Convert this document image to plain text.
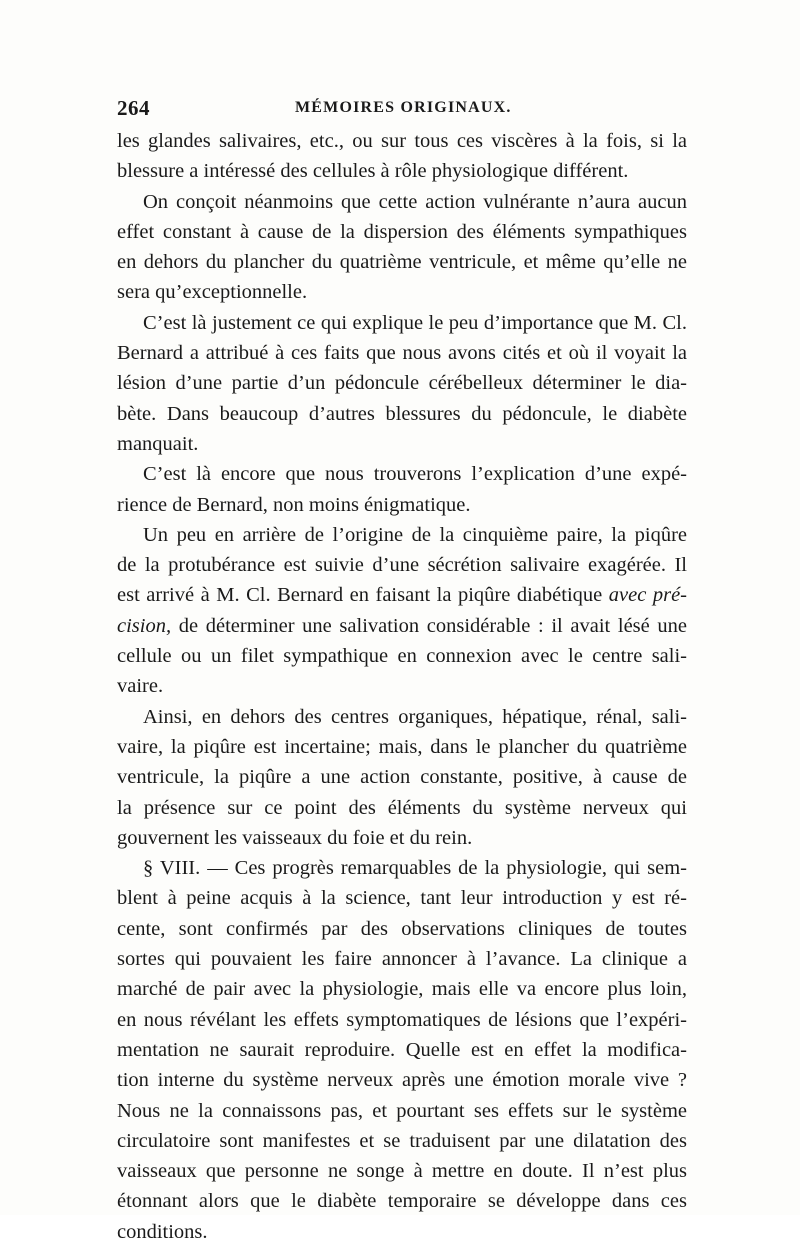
264	MÉMOIRES ORIGINAUX.
les glandes salivaires, etc., ou sur tous ces viscères à la fois, si la
blessure a intéressé des cellules à rôle physiologique différent.
On conçoit néanmoins que cette action vulnérante n’aura aucun
effet constant à cause de la dispersion des éléments sympathiques
en dehors du plancher du quatrième ventricule, et même qu’elle ne
sera qu’exceptionnelle.
C’est là justement ce qui explique le peu d’importance que M. Cl.
Bernard a attribué à ces faits que nous avons cités et où il voyait la
lésion d’une partie d’un pédoncule cérébelleux déterminer le dia-
bète. Dans beaucoup d’autres blessures du pédoncule, le diabète
manquait.
C’est là encore que nous trouverons l’explication d’une expé-
rience de Bernard, non moins énigmatique.
Un peu en arrière de l’origine de la cinquième paire, la piqûre
de la protubérance est suivie d’une sécrétion salivaire exagérée. Il
est arrivé à M. Cl. Bernard en faisant la piqûre diabétique avec pré-
cision, de déterminer une salivation considérable : il avait lésé une
cellule ou un filet sympathique en connexion avec le centre sali-
vaire.
Ainsi, en dehors des centres organiques, hépatique, rénal, sali-
vaire, la piqûre est incertaine; mais, dans le plancher du quatrième
ventricule, la piqûre a une action constante, positive, à cause de
la présence sur ce point des éléments du système nerveux qui
gouvernent les vaisseaux du foie et du rein.
§ VIII. — Ces progrès remarquables de la physiologie, qui sem-
blent à peine acquis à la science, tant leur introduction y est ré-
cente, sont confirmés par des observations cliniques de toutes
sortes qui pouvaient les faire annoncer à l’avance. La clinique a
marché de pair avec la physiologie, mais elle va encore plus loin,
en nous révélant les effets symptomatiques de lésions que l’expéri-
mentation ne saurait reproduire. Quelle est en effet la modifica-
tion interne du système nerveux après une émotion morale vive ?
Nous ne la connaissons pas, et pourtant ses effets sur le système
circulatoire sont manifestes et se traduisent par une dilatation des
vaisseaux que personne ne songe à mettre en doute. Il n’est plus
étonnant alors que le diabète temporaire se développe dans ces
conditions.
